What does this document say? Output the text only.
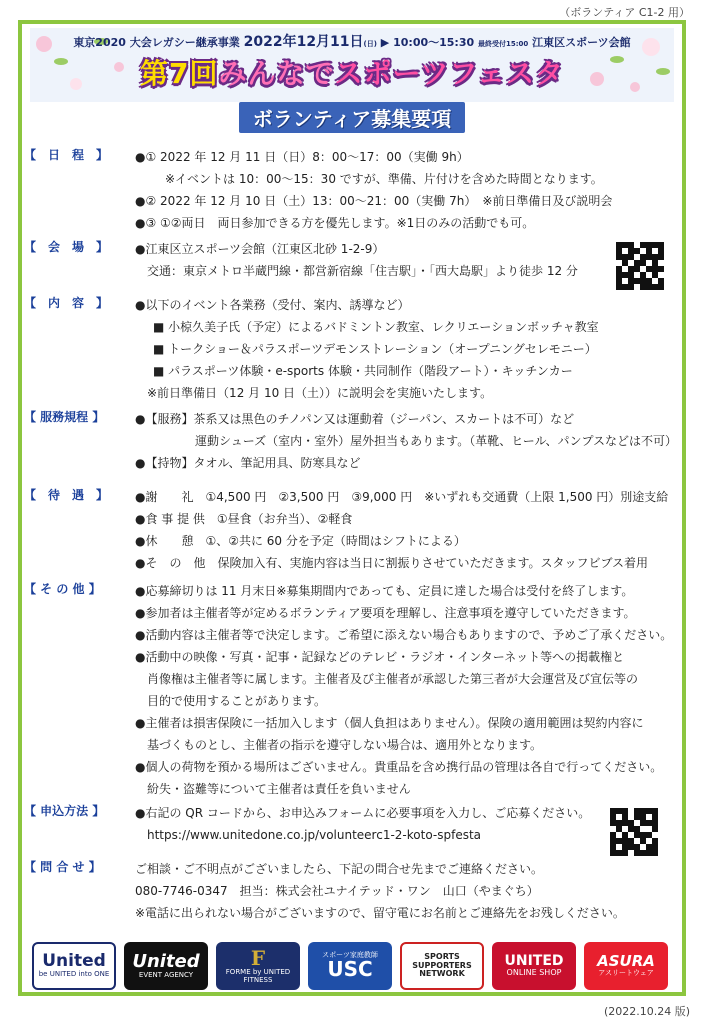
（ボランティア C1-2 用）
東京2020 大会レガシー継承事業 2022年12月11日(日) ▶ 10:00〜15:30 最終受付15:00 江東区スポーツ会館
第7回みんなでスポーツフェスタ
ボランティア募集要項
【　日　程　】	●① 2022 年 12 月 11 日（日）8：00〜17：00（実働 9h）
※イベントは 10：00〜15：30 ですが、準備、片付けを含めた時間となります。
●② 2022 年 12 月 10 日（土）13：00〜21：00（実働 7h）　※前日準備日及び説明会
●③ ①②両日　両日参加できる方を優先します。※1日のみの活動でも可。
【　会　場　】	●江東区立スポーツ会館（江東区北砂 1-2-9）
交通：東京メトロ半蔵門線・都営新宿線「住吉駅」・「西大島駅」より徒歩 12 分
【　内　容　】	●以下のイベント各業務（受付、案内、誘導など）
■ 小椋久美子氏（予定）によるバドミントン教室、レクリエーションボッチャ教室
■ トークショー＆パラスポーツデモンストレーション（オープニングセレモニー）
■ パラスポーツ体験・e-sports 体験・共同制作（階段アート）・キッチンカー
※前日準備日（12 月 10 日（土））に説明会を実施いたします。
【 服務規程 】	●【服務】茶系又は黒色のチノパン又は運動着（ジーパン、スカートは不可）など
運動シューズ（室内・室外）屋外担当もあります。（革靴、ヒール、パンプスなどは不可）
●【持物】タオル、筆記用具、防寒具など
【　待　遇　】	●謝　　礼　①4,500 円　②3,500 円　③9,000 円　※いずれも交通費（上限 1,500 円）別途支給
●食 事 提 供　①昼食（お弁当）、②軽食
●休　　憩　①、②共に 60 分を予定（時間はシフトによる）
●そ　の　他　保険加入有、実施内容は当日に割振りさせていただきます。スタッフビブス着用
【 そ の 他 】	●応募締切りは 11 月末日※募集期間内であっても、定員に達した場合は受付を終了します。
●参加者は主催者等が定めるボランティア要項を理解し、注意事項を遵守していただきます。
●活動内容は主催者等で決定します。ご希望に添えない場合もありますので、予めご了承ください。
●活動中の映像・写真・記事・記録などのテレビ・ラジオ・インターネット等への掲載権と
肖像権は主催者等に属します。主催者及び主催者が承認した第三者が大会運営及び宣伝等の
目的で使用することがあります。
●主催者は損害保険に一括加入します（個人負担はありません）。保険の適用範囲は契約内容に
基づくものとし、主催者の指示を遵守しない場合は、適用外となります。
●個人の荷物を預かる場所はございません。貴重品を含め携行品の管理は各自で行ってください。
紛失・盗難等について主催者は責任を負いません
【 申込方法 】	●右記の QR コードから、お申込みフォームに必要事項を入力し、ご応募ください。
https://www.unitedone.co.jp/volunteerc1-2-koto-spfesta
【 問 合 せ 】	ご相談・ご不明点がございましたら、下記の問合せ先までご連絡ください。
080-7746-0347　担当：株式会社ユナイテッド・ワン　山口（やまぐち）
※電話に出られない場合がございますので、留守電にお名前とご連絡先をお残しください。
United
be UNITED into ONE
United
EVENT AGENCY
F
FORME by UNITED FITNESS
スポーツ家庭教師
USC
SPORTS SUPPORTERS NETWORK
UNITED
ONLINE SHOP
ASURA
アスリートウェア
(2022.10.24 版)
